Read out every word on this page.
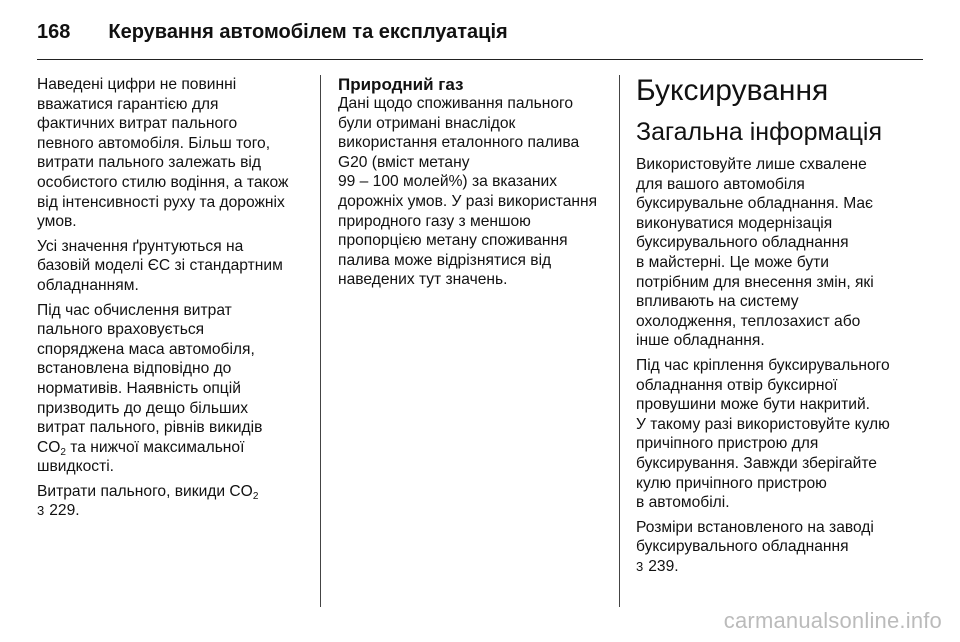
168 Керування автомобілем та експлуатація
Наведені цифри не повинні
вважатися гарантією для
фактичних витрат пального
певного автомобіля. Більш того,
витрати пального залежать від
особистого стилю водіння, а також
від інтенсивності руху та дорожніх
умов.
Усі значення ґрунтуються на
базовій моделі ЄС зі стандартним
обладнанням.
Під час обчислення витрат
пального враховується
споряджена маса автомобіля,
встановлена відповідно до
нормативів. Наявність опцій
призводить до дещо більших
витрат пального, рівнів викидів
$CO_2$ та нижчої максимальної
швидкості.
Витрати пального, викиди $CO_2$
3 229.
Природний газ
Дані щодо споживання пального
були отримані внаслідок
використання еталонного палива
G20 (вміст метану
99 – 100 молей%) за вказаних
дорожніх умов. У разі використання
природного газу з меншою
пропорцією метану споживання
палива може відрізнятися від
наведених тут значень.
Буксирування
Загальна інформація
Використовуйте лише схвалене
для вашого автомобіля
буксирувальне обладнання. Має
виконуватися модернізація
буксирувального обладнання
в майстерні. Це може бути
потрібним для внесення змін, які
впливають на систему
охолодження, теплозахист або
інше обладнання.
Під час кріплення буксирувального
обладнання отвір буксирної
провушини може бути накритий.
У такому разі використовуйте кулю
причіпного пристрою для
буксирування. Завжди зберігайте
кулю причіпного пристрою
в автомобілі.
Розміри встановленого на заводі
буксирувального обладнання
3 239.
carmanualsonline.info
